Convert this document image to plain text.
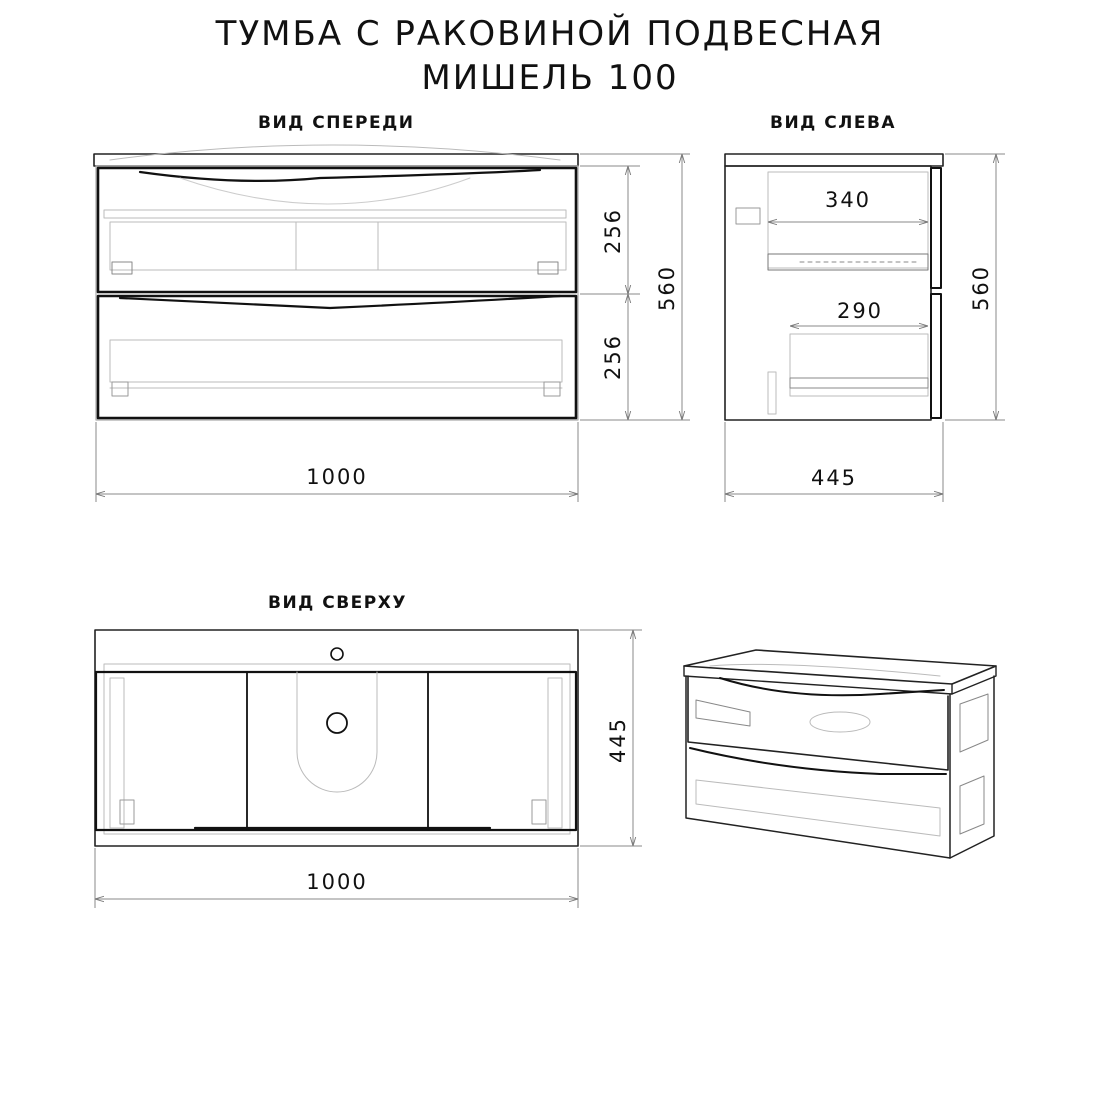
ТУМБА С РАКОВИНОЙ ПОДВЕСНАЯ
МИШЕЛЬ 100
ВИД СПЕРЕДИ	ВИД СЛЕВА
ВИД СВЕРХУ
256
256
560
1000
340
290	560
445
445
1000
